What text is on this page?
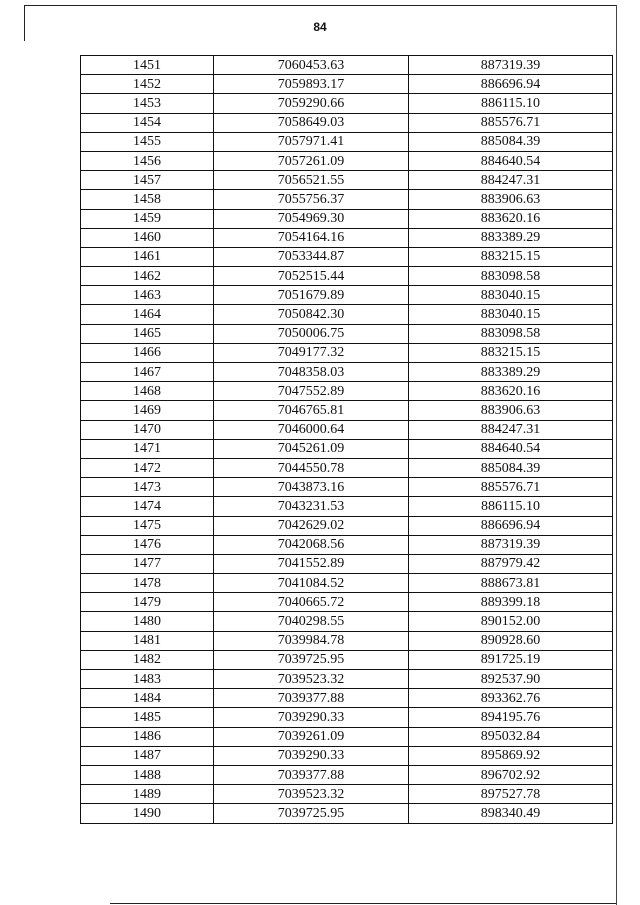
84
1451	7060453.63	887319.39
1452	7059893.17	886696.94
1453	7059290.66	886115.10
1454	7058649.03	885576.71
1455	7057971.41	885084.39
1456	7057261.09	884640.54
1457	7056521.55	884247.31
1458	7055756.37	883906.63
1459	7054969.30	883620.16
1460	7054164.16	883389.29
1461	7053344.87	883215.15
1462	7052515.44	883098.58
1463	7051679.89	883040.15
1464	7050842.30	883040.15
1465	7050006.75	883098.58
1466	7049177.32	883215.15
1467	7048358.03	883389.29
1468	7047552.89	883620.16
1469	7046765.81	883906.63
1470	7046000.64	884247.31
1471	7045261.09	884640.54
1472	7044550.78	885084.39
1473	7043873.16	885576.71
1474	7043231.53	886115.10
1475	7042629.02	886696.94
1476	7042068.56	887319.39
1477	7041552.89	887979.42
1478	7041084.52	888673.81
1479	7040665.72	889399.18
1480	7040298.55	890152.00
1481	7039984.78	890928.60
1482	7039725.95	891725.19
1483	7039523.32	892537.90
1484	7039377.88	893362.76
1485	7039290.33	894195.76
1486	7039261.09	895032.84
1487	7039290.33	895869.92
1488	7039377.88	896702.92
1489	7039523.32	897527.78
1490	7039725.95	898340.49
